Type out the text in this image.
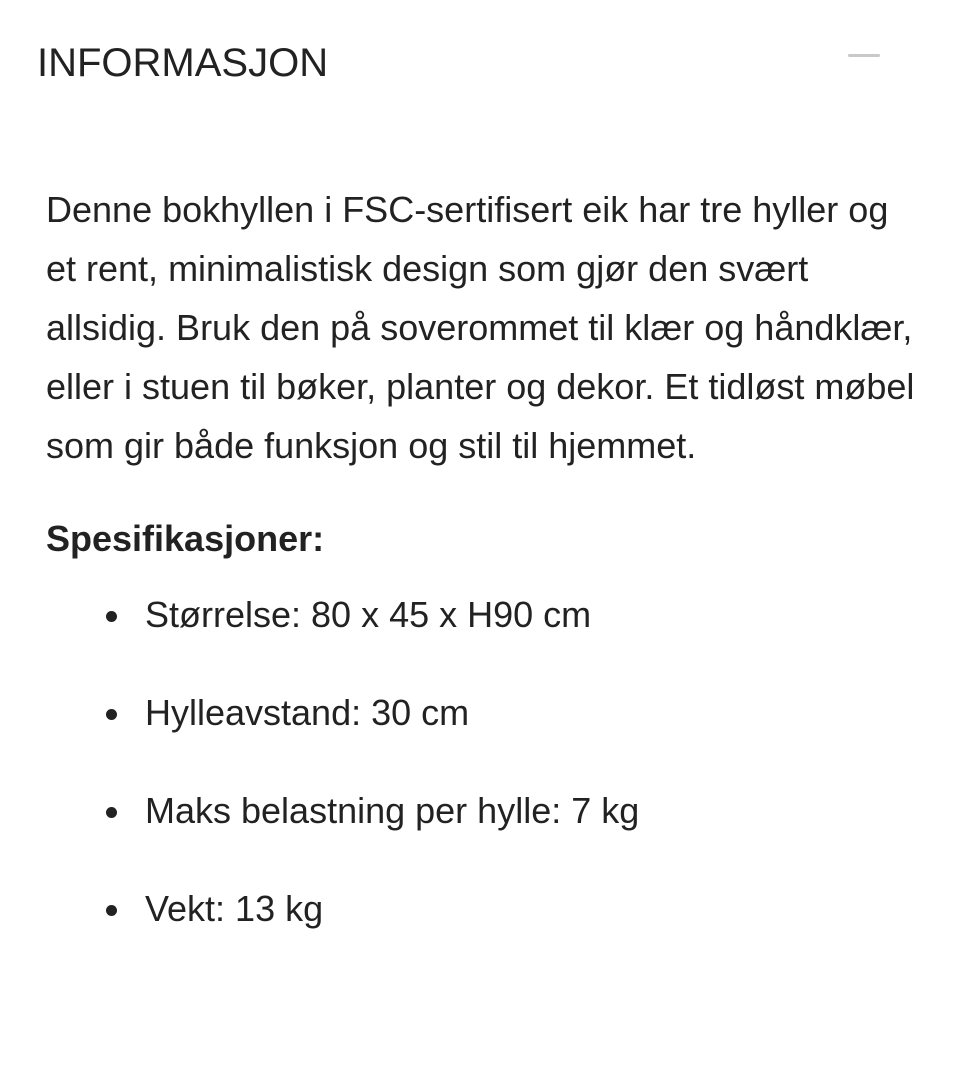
INFORMASJON

Denne bokhyllen i FSC-sertifisert eik har tre hyller og et rent, minimalistisk design som gjør den svært allsidig. Bruk den på soverommet til klær og håndklær, eller i stuen til bøker, planter og dekor. Et tidløst møbel som gir både funksjon og stil til hjemmet.

Spesifikasjoner:

Størrelse: 80 x 45 x H90 cm
Hylleavstand: 30 cm
Maks belastning per hylle: 7 kg
Vekt: 13 kg
